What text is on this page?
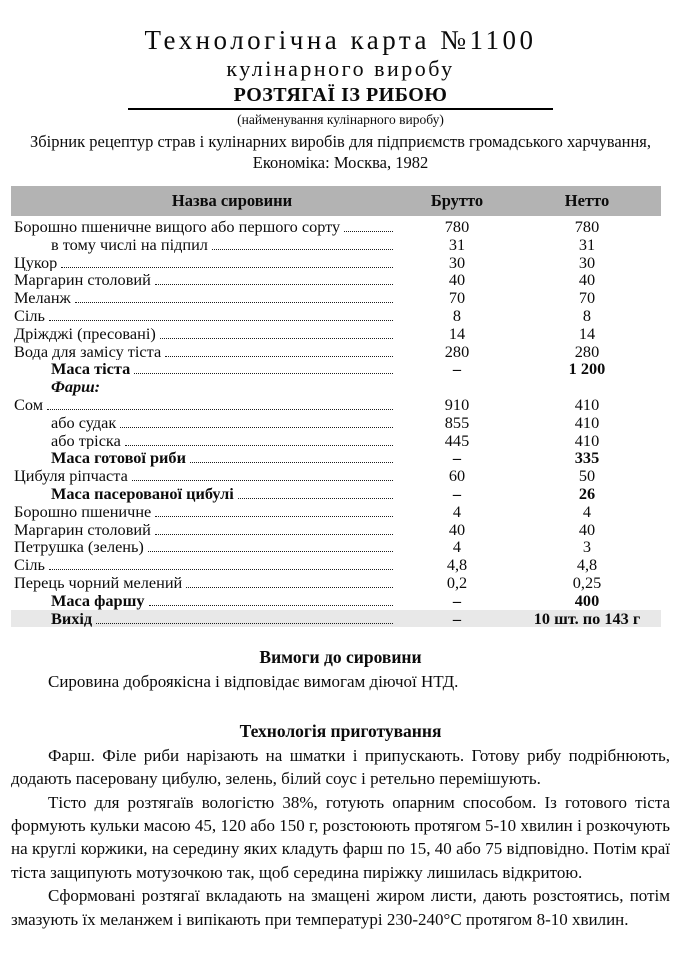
Технологічна карта №1100
кулінарного виробу
РОЗТЯГАЇ ІЗ РИБОЮ
(найменування кулінарного виробу)
Збірник рецептур страв і кулінарних виробів для підприємств громадського харчування,
Економіка: Москва, 1982
Назва сировини	Брутто	Нетто
Борошно пшеничне вищого або першого сорту	780	780
в тому числі на підпил	31	31
Цукор	30	30
Маргарин столовий	40	40
Меланж	70	70
Сіль	8	8
Дріжджі (пресовані)	14	14
Вода для замісу тіста	280	280
Маса тіста	–	1 200
Фарш:
Сом	910	410
або судак	855	410
або тріска	445	410
Маса готової риби	–	335
Цибуля ріпчаста	60	50
Маса пасерованої цибулі	–	26
Борошно пшеничне	4	4
Маргарин столовий	40	40
Петрушка (зелень)	4	3
Сіль	4,8	4,8
Перець чорний мелений	0,2	0,25
Маса фаршу	–	400
Вихід	–	10 шт. по 143 г
Вимоги до сировини

Сировина доброякісна і відповідає вимогам діючої НТД.

Технологія приготування

Фарш. Філе риби нарізають на шматки і припускають. Готову рибу подрібнюють, додають пасеровану цибулю, зелень, білий соус і ретельно перемішують.

Тісто для розтягаїв вологістю 38%, готують опарним способом. Із готового тіста формують кульки масою 45, 120 або 150 г, розстоюють протягом 5-10 хвилин і розкочують на круглі коржики, на середину яких кладуть фарш по 15, 40 або 75 відповідно. Потім краї тіста защипують мотузочкою так, щоб середина пиріжку лишилась відкритою.

Сформовані розтягаї вкладають на змащені жиром листи, дають розстоятись, потім змазують їх меланжем і випікають при температурі 230-240°С протягом 8-10 хвилин.
